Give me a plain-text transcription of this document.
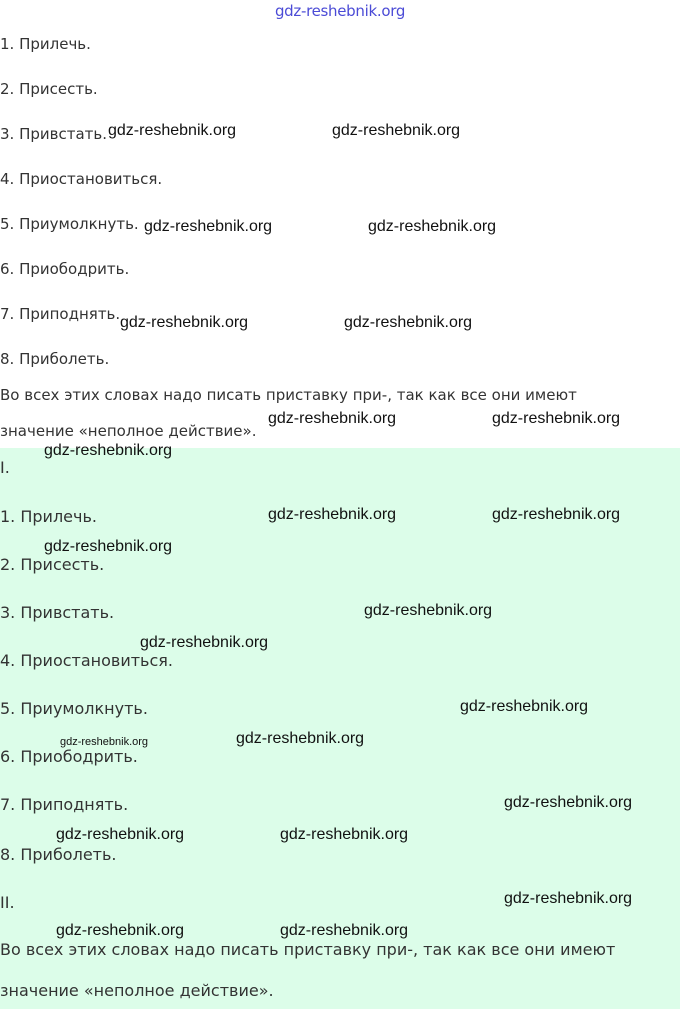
gdz-reshebnik.org
1. Прилечь.
2. Присесть.
3. Привстать.
4. Приостановиться.
5. Приумолкнуть.
6. Приободрить.
7. Приподнять.
8. Приболеть.
Во всех этих словах надо писать приставку при-, так как все они имеют
значение «неполное действие».
I.
1. Прилечь.
2. Присесть.
3. Привстать.
4. Приостановиться.
5. Приумолкнуть.
6. Приободрить.
7. Приподнять.
8. Приболеть.
II.
Во всех этих словах надо писать приставку при-, так как все они имеют
значение «неполное действие».
gdz-reshebnik.org	gdz-reshebnik.org
gdz-reshebnik.org	gdz-reshebnik.org
gdz-reshebnik.org	gdz-reshebnik.org
gdz-reshebnik.org	gdz-reshebnik.org
gdz-reshebnik.org
gdz-reshebnik.org	gdz-reshebnik.org
gdz-reshebnik.org
gdz-reshebnik.org
gdz-reshebnik.org
gdz-reshebnik.org
gdz-reshebnik.org	gdz-reshebnik.org
gdz-reshebnik.org
gdz-reshebnik.org	gdz-reshebnik.org
gdz-reshebnik.org
gdz-reshebnik.org	gdz-reshebnik.org
